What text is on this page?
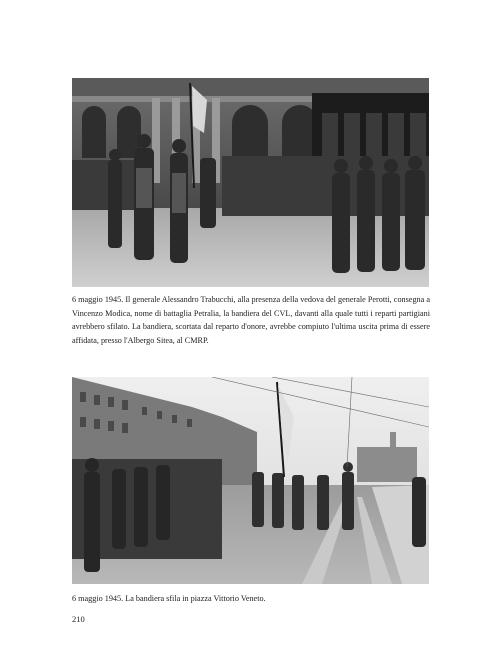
6 maggio 1945. Il generale Alessandro Trabucchi, alla presenza della vedova del generale Perotti, consegna a Vincenzo Modica, nome di battaglia Petralia, la bandiera del CVL, davanti alla quale tutti i reparti partigiani avrebbero sfilato. La bandiera, scortata dal reparto d'onore, avrebbe compiuto l'ultima uscita prima di essere affidata, presso l'Albergo Sitea, al CMRP.
6 maggio 1945. La bandiera sfila in piazza Vittorio Veneto.
210
